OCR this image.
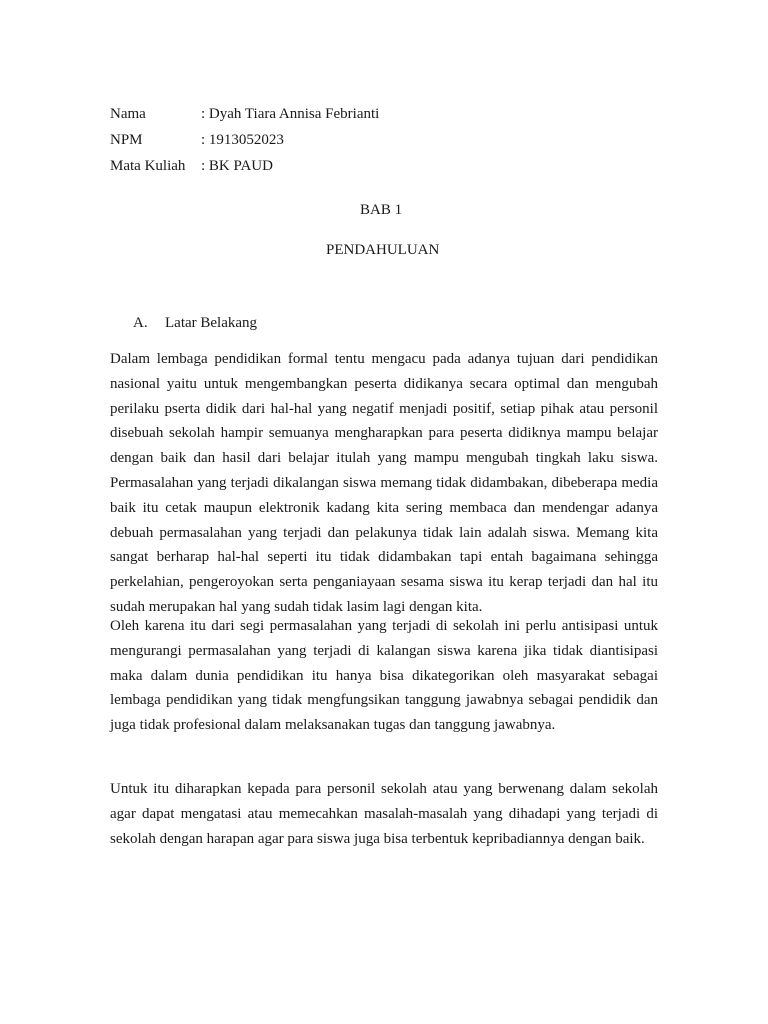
Nama	: Dyah Tiara Annisa Febrianti
NPM	: 1913052023
Mata Kuliah	: BK PAUD
BAB 1
PENDAHULUAN
A.	Latar Belakang

Dalam lembaga pendidikan formal tentu mengacu pada adanya tujuan dari pendidikan nasional yaitu untuk mengembangkan peserta didikanya secara optimal dan mengubah perilaku pserta didik dari hal-hal yang negatif menjadi positif, setiap pihak atau personil disebuah sekolah hampir semuanya mengharapkan para peserta didiknya mampu belajar dengan baik dan hasil dari belajar itulah yang mampu mengubah tingkah laku siswa. Permasalahan yang terjadi dikalangan siswa memang tidak didambakan, dibeberapa media baik itu cetak maupun elektronik kadang kita sering membaca dan mendengar adanya debuah permasalahan yang terjadi dan pelakunya tidak lain adalah siswa. Memang kita sangat berharap hal-hal seperti itu tidak didambakan tapi entah bagaimana sehingga perkelahian, pengeroyokan serta penganiayaan sesama siswa itu kerap terjadi dan hal itu sudah merupakan hal yang sudah tidak lasim lagi dengan kita.

Oleh karena itu dari segi permasalahan yang terjadi di sekolah ini perlu antisipasi untuk mengurangi permasalahan yang terjadi di kalangan siswa karena jika tidak diantisipasi maka dalam dunia pendidikan itu hanya bisa dikategorikan oleh masyarakat sebagai lembaga pendidikan yang tidak mengfungsikan tanggung jawabnya sebagai pendidik dan juga tidak profesional dalam melaksanakan tugas dan tanggung jawabnya.

Untuk itu diharapkan kepada para personil sekolah atau yang berwenang dalam sekolah agar dapat mengatasi atau memecahkan masalah-masalah yang dihadapi yang terjadi di sekolah dengan harapan agar para siswa juga bisa terbentuk kepribadiannya dengan baik.
